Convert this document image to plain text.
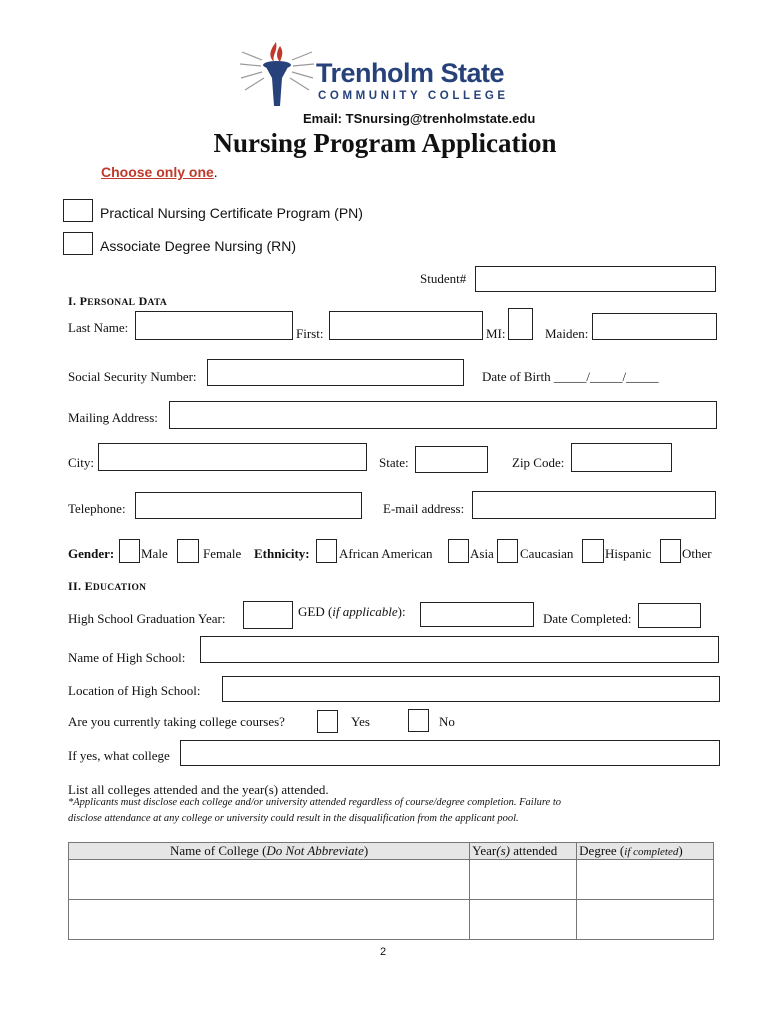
Trenholm State
COMMUNITY COLLEGE
Email: TSnursing@trenholmstate.edu
Nursing Program Application
Choose only one.
Practical Nursing Certificate Program (PN)
Associate Degree Nursing (RN)
Student#
I. PERSONAL DATA
Last Name:	First:	MI:	Maiden:
Social Security Number:	Date of Birth _____/_____/_____
Mailing Address:
City:	State:	Zip Code:
Telephone:	E-mail address:
Gender: Male	Female Ethnicity: African American	Asia Caucasian Hispanic Other
II. EDUCATION
High School Graduation Year:	GED (if applicable):	Date Completed:
Name of High School:
Location of High School:
Are you currently taking college courses?	Yes	No
If yes, what college
List all colleges attended and the year(s) attended.
*Applicants must disclose each college and/or university attended regardless of course/degree completion. Failure to
disclose attendance at any college or university could result in the disqualification from the applicant pool.
Name of College (Do Not Abbreviate)	Year(s) attended	Degree (if completed)

2
